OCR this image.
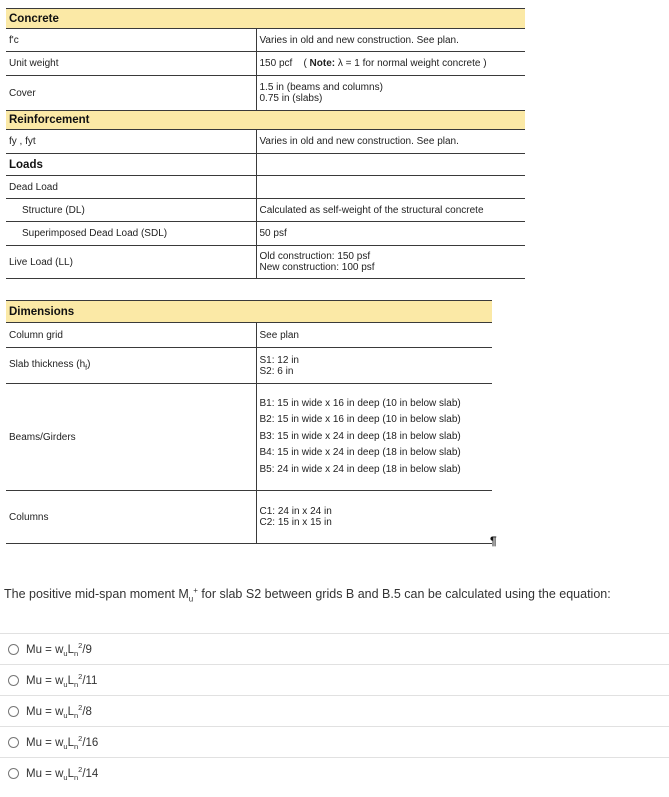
Concrete	
f'c	Varies in old and new construction. See plan.
Unit weight	150 pcf ( Note: λ = 1 for normal weight concrete )
Cover	1.5 in (beams and columns)
0.75 in (slabs)

Reinforcement	
fy , fyt	Varies in old and new construction. See plan.
Loads	
Dead Load	
Structure (DL)	Calculated as self-weight of the structural concrete
Superimposed Dead Load (SDL)	50 psf
Live Load (LL)	Old construction: 150 psf
New construction: 100 psf
Dimensions	
Column grid	See plan
Slab thickness $(h_f)$	S1: 12 in
S2: 6 in

Beams/Girders	B1: 15 in wide x 16 in deep (10 in below slab)
B2: 15 in wide x 16 in deep (10 in below slab)
B3: 15 in wide x 24 in deep (18 in below slab)
B4: 15 in wide x 24 in deep (18 in below slab)
B5: 24 in wide x 24 in deep (18 in below slab)

Columns	C1: 24 in x 24 in
C2: 15 in x 15 in
¶
The positive mid-span moment $M_u^+$ for slab S2 between grids B and B.5 can be calculated using the equation:
$Mu = w_uL_n^2/9$
$Mu = w_uL_n^2/11$
$Mu = w_uL_n^2/8$
$Mu = w_uL_n^2/16$
$Mu = w_uL_n^2/14$
